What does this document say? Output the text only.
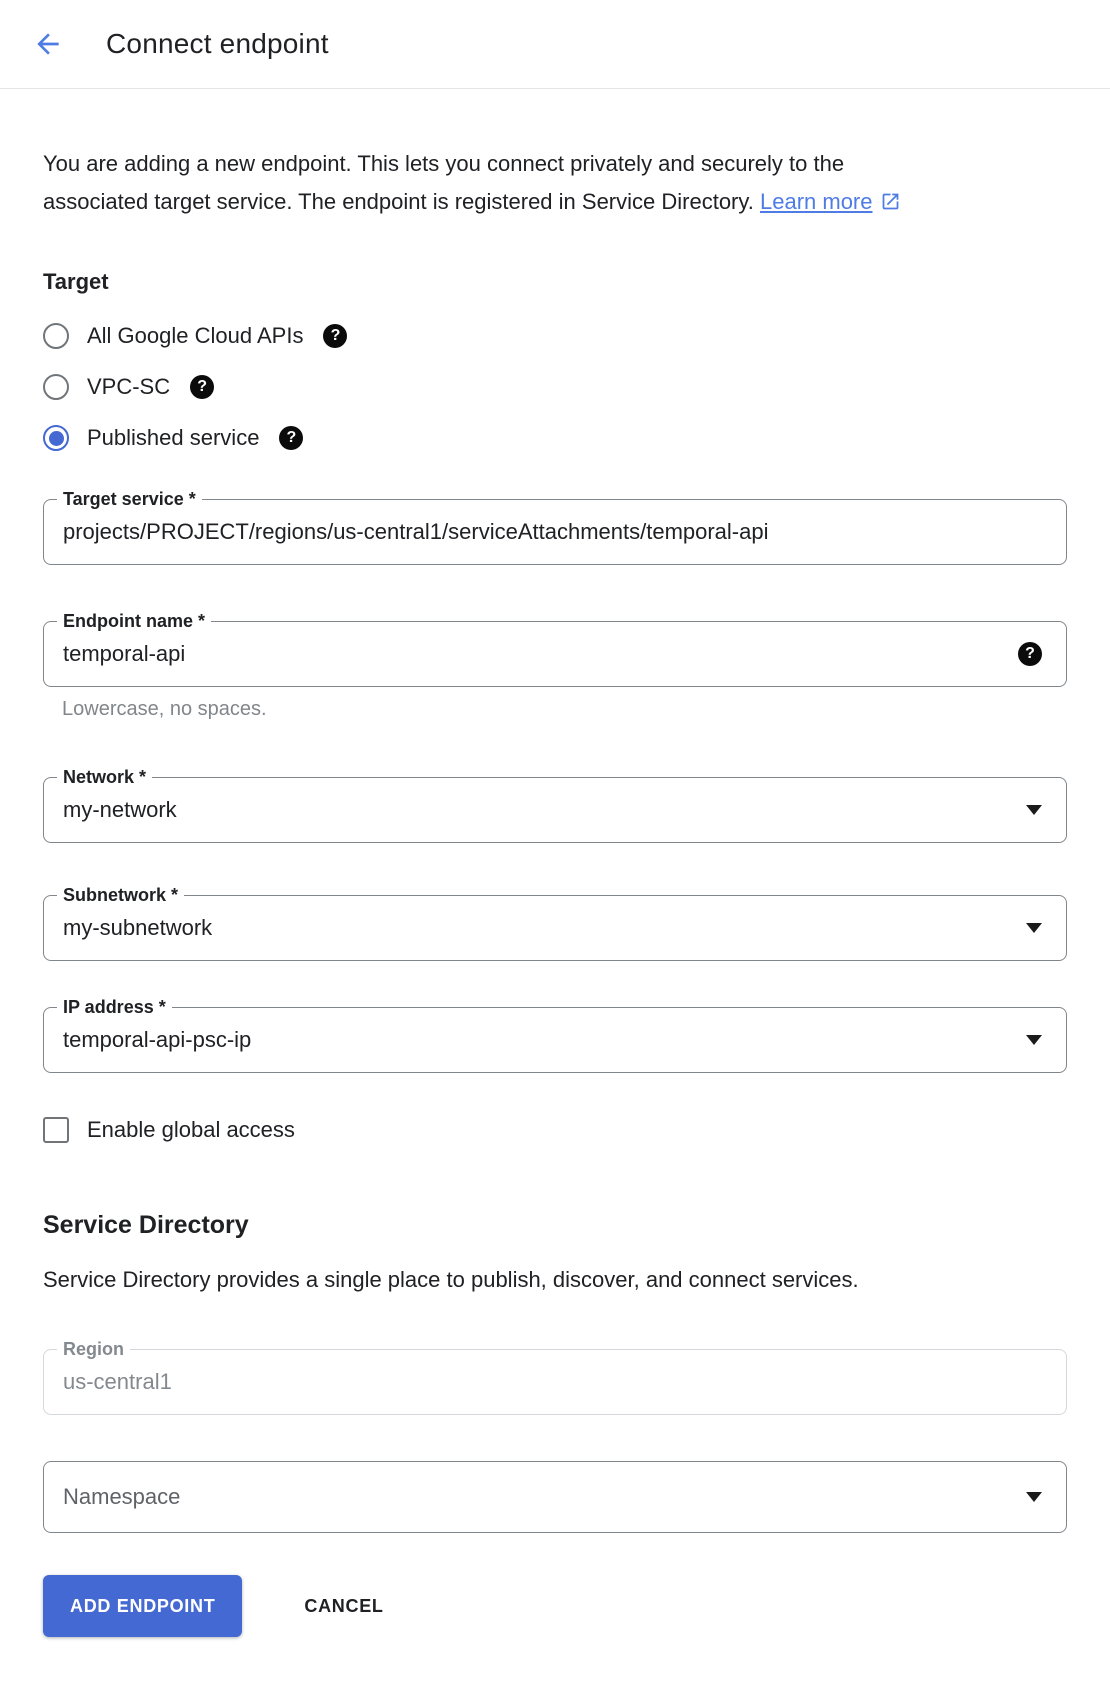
Connect endpoint

You are adding a new endpoint. This lets you connect privately and securely to the associated target service. The endpoint is registered in Service Directory. Learn more

Target
All Google Cloud APIs	?
VPC-SC	?
Published service	?
Target service *
projects/PROJECT/regions/us-central1/serviceAttachments/temporal-api
Endpoint name *
temporal-api	?
Lowercase, no spaces.
Network *
my-network
Subnetwork *
my-subnetwork
IP address *
temporal-api-psc-ip
Enable global access
Service Directory

Service Directory provides a single place to publish, discover, and connect services.

Region
us-central1
Namespace
ADD ENDPOINT	CANCEL
